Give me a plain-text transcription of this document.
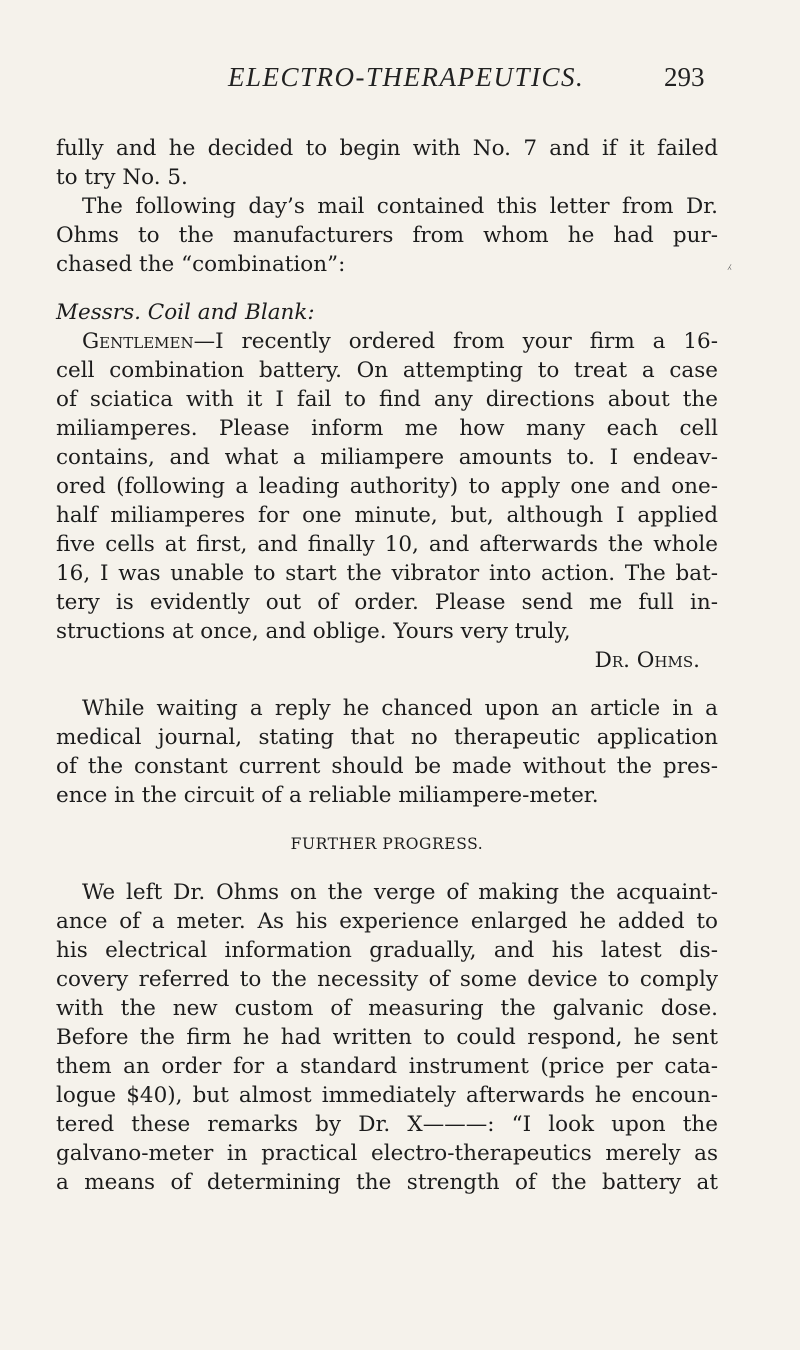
ELECTRO-THERAPEUTICS.	293
⁁
fully and he decided to begin with No. 7 and if it failed
to try No. 5.
The following day’s mail contained this letter from Dr.
Ohms to the manufacturers from whom he had pur-
chased the “combination”:
Messrs. Coil and Blank:
Gentlemen—I recently ordered from your firm a 16-
cell combination battery. On attempting to treat a case
of sciatica with it I fail to find any directions about the
miliamperes. Please inform me how many each cell
contains, and what a miliampere amounts to. I endeav-
ored (following a leading authority) to apply one and one-
half miliamperes for one minute, but, although I applied
five cells at first, and finally 10, and afterwards the whole
16, I was unable to start the vibrator into action. The bat-
tery is evidently out of order. Please send me full in-
structions at once, and oblige. Yours very truly,
Dr. Ohms.
While waiting a reply he chanced upon an article in a
medical journal, stating that no therapeutic application
of the constant current should be made without the pres-
ence in the circuit of a reliable miliampere-meter.
FURTHER PROGRESS.
We left Dr. Ohms on the verge of making the acquaint-
ance of a meter. As his experience enlarged he added to
his electrical information gradually, and his latest dis-
covery referred to the necessity of some device to comply
with the new custom of measuring the galvanic dose.
Before the firm he had written to could respond, he sent
them an order for a standard instrument (price per cata-
logue $40), but almost immediately afterwards he encoun-
tered these remarks by Dr. X———: “I look upon the
galvano-meter in practical electro-therapeutics merely as
a means of determining the strength of the battery at
